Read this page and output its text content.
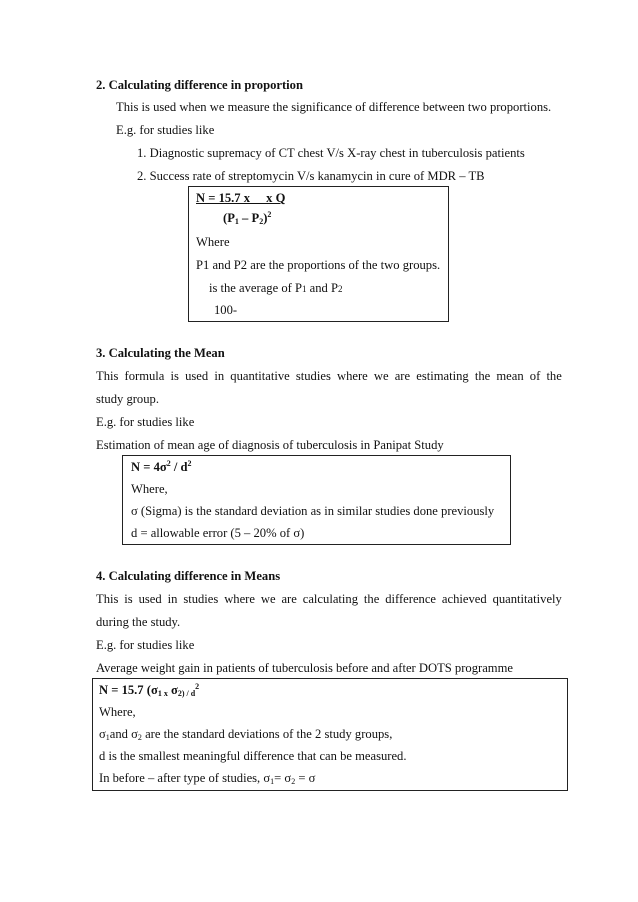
2. Calculating difference in proportion
This is used when we measure the significance of difference between two proportions.
E.g. for studies like
1. Diagnostic supremacy of CT chest V/s X-ray chest in tuberculosis patients
2. Success rate of streptomycin V/s kanamycin in cure of MDR – TB
N = 15.7 x x Q
$(P_1 - P_2)^2$
Where
P1 and P2 are the proportions of the two groups.
is the average of P1 and P2
100-
3. Calculating the Mean
This formula is used in quantitative studies where we are estimating the mean of the
study group.
E.g. for studies like
Estimation of mean age of diagnosis of tuberculosis in Panipat Study
$N = 4\sigma^2 / d^2$
Where,
σ (Sigma) is the standard deviation as in similar studies done previously
d = allowable error (5 – 20% of σ)
4. Calculating difference in Means
This is used in studies where we are calculating the difference achieved quantitatively
during the study.
E.g. for studies like
Average weight gain in patients of tuberculosis before and after DOTS programme
N = 15.7 ($\sigma_{1 x}$ $\sigma_{2) / d}^2$
Where,
$\sigma_1and$ $\sigma_2$ are the standard deviations of the 2 study groups,
d is the smallest meaningful difference that can be measured.
In before – after type of studies, $\sigma_1= \sigma_2 = \sigma$
